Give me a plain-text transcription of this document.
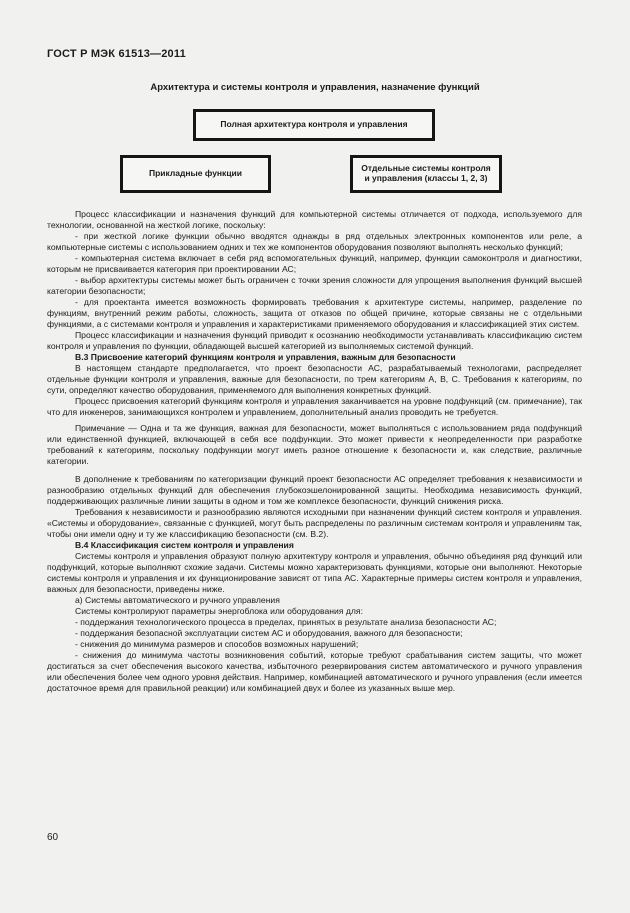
ГОСТ Р МЭК 61513—2011
Архитектура и системы контроля и управления, назначение функций
Полная архитектура контроля и управления
Прикладные функции	Отдельные системы контроля
и управления (классы 1, 2, 3)

Процесс классификации и назначения функций для компьютерной системы отличается от подхода, используемого для технологии, основанной на жесткой логике, поскольку:

- при жесткой логике функции обычно вводятся однажды в ряд отдельных электронных компонентов или реле, а компьютерные системы с использованием одних и тех же компонентов оборудования позволяют выполнять несколько функций;

- компьютерная система включает в себя ряд вспомогательных функций, например, функции самоконтроля и диагностики, которым не присваивается категория при проектировании АС;

- выбор архитектуры системы может быть ограничен с точки зрения сложности для упрощения выполнения функций высшей категории безопасности;

- для проектанта имеется возможность формировать требования к архитектуре системы, например, разделение по функциям, внутренний режим работы, сложность, защита от отказов по общей причине, которые связаны не с отдельными функциями, а с системами контроля и управления и характеристиками применяемого оборудования и классификацией этих систем.

Процесс классификации и назначения функций приводит к осознанию необходимости устанавливать классификацию систем контроля и управления по функции, обладающей высшей категорией из выполняемых системой функций.

B.3 Присвоение категорий функциям контроля и управления, важным для безопасности

В настоящем стандарте предполагается, что проект безопасности АС, разрабатываемый технологами, распределяет отдельные функции контроля и управления, важные для безопасности, по трем категориям А, В, С. Требования к категориям, по сути, определяют качество оборудования, применяемого для выполнения конкретных функций.

Процесс присвоения категорий функциям контроля и управления заканчивается на уровне подфункций (см. примечание), так что для инженеров, занимающихся контролем и управлением, дополнительный анализ проводить не требуется.

Примечание — Одна и та же функция, важная для безопасности, может выполняться с использованием ряда подфункций или единственной функцией, включающей в себя все подфункции. Это может привести к неопределенности при разработке требований к категориям, поскольку подфункции могут иметь разное отношение к безопасности и, как следствие, различные категории.

В дополнение к требованиям по категоризации функций проект безопасности АС определяет требования к независимости и разнообразию отдельных функций для обеспечения глубокоэшелонированной защиты. Необходима независимость функций, поддерживающих различные линии защиты в одном и том же комплексе безопасности, функций снижения риска.

Требования к независимости и разнообразию являются исходными при назначении функций систем контроля и управления. «Системы и оборудование», связанные с функцией, могут быть распределены по различным системам контроля и управлениям так, чтобы они имели одну и ту же классификацию безопасности (см. В.2).

B.4 Классификация систем контроля и управления

Системы контроля и управления образуют полную архитектуру контроля и управления, обычно объединяя ряд функций или подфункций, которые выполняют схожие задачи. Системы можно характеризовать функциями, которые они выполняют. Некоторые системы контроля и управления и их функционирование зависят от типа АС. Характерные примеры систем контроля и управления, важных для безопасности, приведены ниже.

а) Системы автоматического и ручного управления

Системы контролируют параметры энергоблока или оборудования для:

- поддержания технологического процесса в пределах, принятых в результате анализа безопасности АС;

- поддержания безопасной эксплуатации систем АС и оборудования, важного для безопасности;

- снижения до минимума размеров и способов возможных нарушений;

- снижения до минимума частоты возникновения событий, которые требуют срабатывания систем защиты, что может достигаться за счет обеспечения высокого качества, избыточного резервирования систем автоматического и ручного управления или обеспечения более чем одного уровня действия. Например, комбинацией автоматического и ручного управления (если имеется достаточное время для правильной реакции) или комбинацией двух и более из указанных выше мер.

60
